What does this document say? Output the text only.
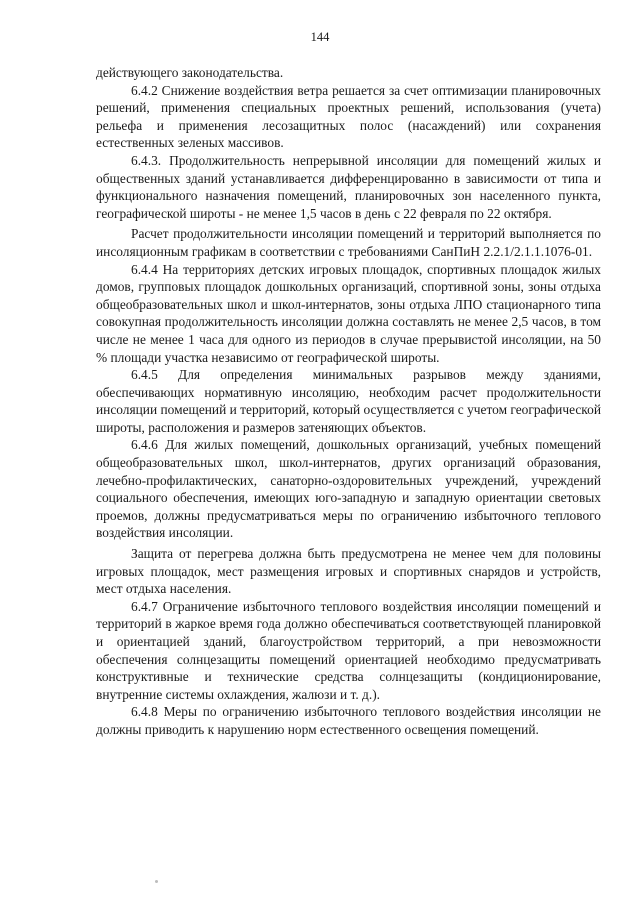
144

действующего законодательства.

6.4.2 Снижение воздействия ветра решается за счет оптимизации планировочных решений, применения специальных проектных решений, использования (учета) рельефа и применения лесозащитных полос (насаждений) или сохранения естественных зеленых массивов.

6.4.3. Продолжительность непрерывной инсоляции для помещений жилых и общественных зданий устанавливается дифференцированно в зависимости от типа и функционального назначения помещений, планировочных зон населенного пункта, географической широты - не менее 1,5 часов в день с 22 февраля по 22 октября.

Расчет продолжительности инсоляции помещений и территорий выполняется по инсоляционным графикам в соответствии с требованиями СанПиН 2.2.1/2.1.1.1076-01.

6.4.4 На территориях детских игровых площадок, спортивных площадок жилых домов, групповых площадок дошкольных организаций, спортивной зоны, зоны отдыха общеобразовательных школ и школ-интернатов, зоны отдыха ЛПО стационарного типа совокупная продолжительность инсоляции должна составлять не менее 2,5 часов, в том числе не менее 1 часа для одного из периодов в случае прерывистой инсоляции, на 50 % площади участка независимо от географической широты.

6.4.5 Для определения минимальных разрывов между зданиями, обеспечивающих нормативную инсоляцию, необходим расчет продолжительности инсоляции помещений и территорий, который осуществляется с учетом географической широты, расположения и размеров затеняющих объектов.

6.4.6 Для жилых помещений, дошкольных организаций, учебных помещений общеобразовательных школ, школ-интернатов, других организаций образования, лечебно-профилактических, санаторно-оздоровительных учреждений, учреждений социального обеспечения, имеющих юго-западную и западную ориентации световых проемов, должны предусматриваться меры по ограничению избыточного теплового воздействия инсоляции.

Защита от перегрева должна быть предусмотрена не менее чем для половины игровых площадок, мест размещения игровых и спортивных снарядов и устройств, мест отдыха населения.

6.4.7 Ограничение избыточного теплового воздействия инсоляции помещений и территорий в жаркое время года должно обеспечиваться соответствующей планировкой и ориентацией зданий, благоустройством территорий, а при невозможности обеспечения солнцезащиты помещений ориентацией необходимо предусматривать конструктивные и технические средства солнцезащиты (кондиционирование, внутренние системы охлаждения, жалюзи и т. д.).

6.4.8 Меры по ограничению избыточного теплового воздействия инсоляции не должны приводить к нарушению норм естественного освещения помещений.
